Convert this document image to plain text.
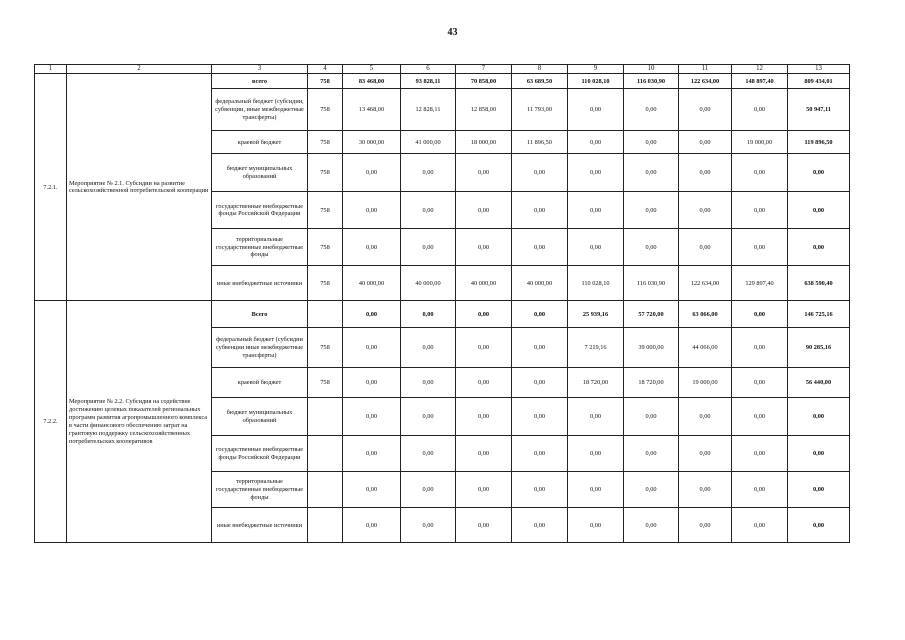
43
1	2	3	4	5	6	7	8	9	10	11	12	13
7.2.1.	Мероприятие № 2.1. Субсидии на развитие сельскохозяйственной потребительской кооперации	всего	758	83 468,00	93 828,11	70 858,00	63 689,50	110 028,10	116 030,90	122 634,00	148 897,40	809 434,01
		федеральный бюджет (субсидии, субвенции, иные межбюджетные трансферты)	758	13 468,00	12 828,11	12 858,00	11 793,00	0,00	0,00	0,00	0,00	50 947,11
		краевой бюджет	758	30 000,00	41 000,00	18 000,00	11 896,50	0,00	0,00	0,00	19 000,00	119 896,50
		бюджет муниципальных образований	758	0,00	0,00	0,00	0,00	0,00	0,00	0,00	0,00	0,00
		государственные внебюджетные фонды Российской Федерации	758	0,00	0,00	0,00	0,00	0,00	0,00	0,00	0,00	0,00
		территориальные государственные внебюджетные фонды	758	0,00	0,00	0,00	0,00	0,00	0,00	0,00	0,00	0,00
		иные внебюджетные источники	758	40 000,00	40 000,00	40 000,00	40 000,00	110 028,10	116 030,90	122 634,00	129 897,40	638 590,40
7.2.2.	Мероприятие № 2.2. Субсидия на содействие достижению целевых показателей региональных программ развития агропромышленного комплекса в части финансового обеспечению затрат на грантовую поддержку сельскохозяйственных потребительских кооперативов	Всего		0,00	0,00	0,00	0,00	25 939,16	57 720,00	63 066,00	0,00	146 725,16
		федеральный бюджет (субсидии субвенции иные межбюджетные трансферты)	758	0,00	0,00	0,00	0,00	7 219,16	39 000,00	44 066,00	0,00	90 285,16
		краевой бюджет	758	0,00	0,00	0,00	0,00	18 720,00	18 720,00	19 000,00	0,00	56 440,00
		бюджет муниципальных образований		0,00	0,00	0,00	0,00	0,00	0,00	0,00	0,00	0,00
		государственные внебюджетные фонды Российской Федерации		0,00	0,00	0,00	0,00	0,00	0,00	0,00	0,00	0,00
		территориальные государственные внебюджетные фонды		0,00	0,00	0,00	0,00	0,00	0,00	0,00	0,00	0,00
		иные внебюджетные источники		0,00	0,00	0,00	0,00	0,00	0,00	0,00	0,00	0,00
